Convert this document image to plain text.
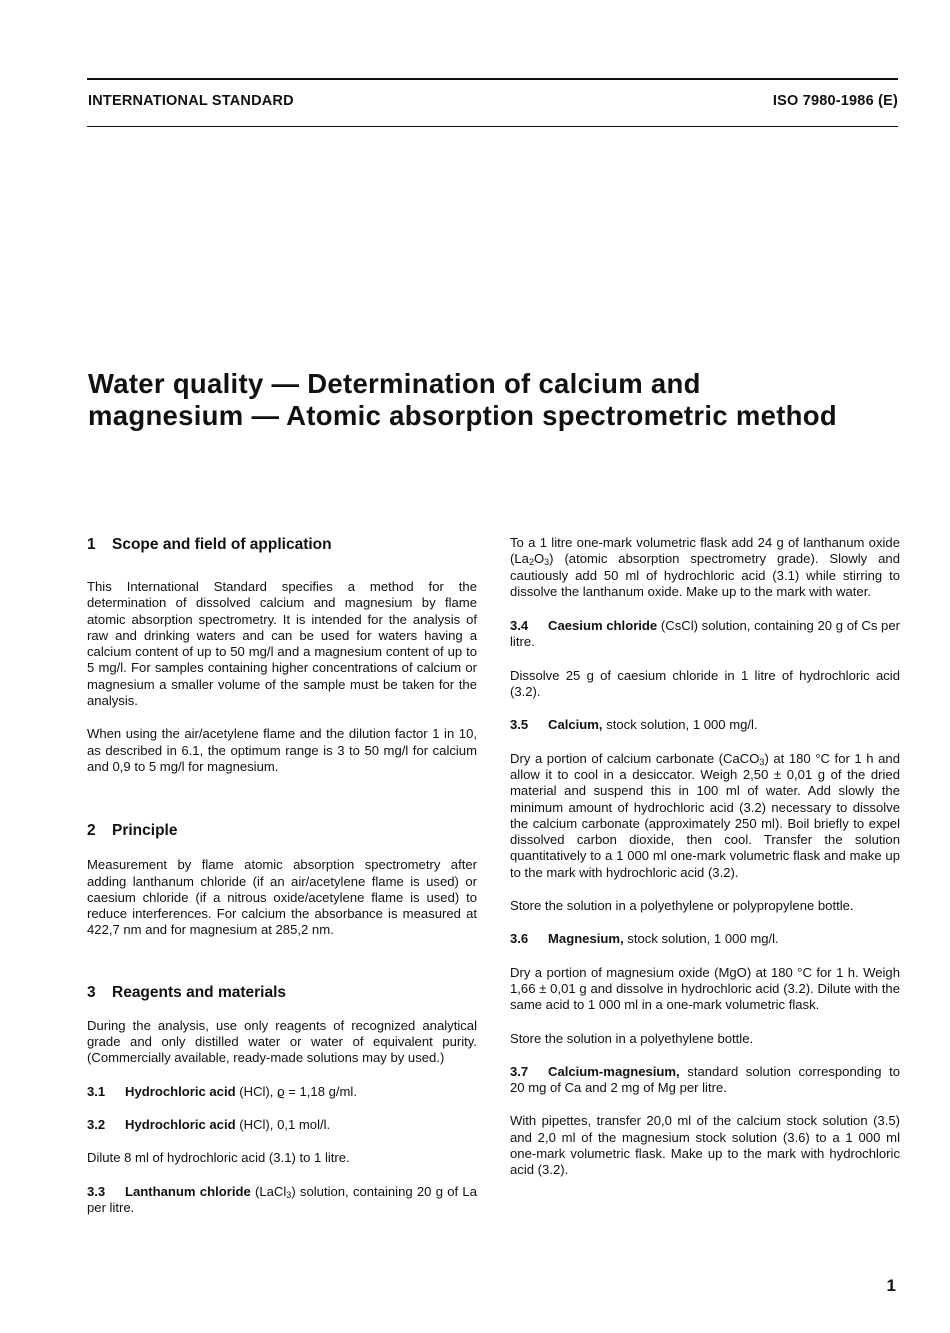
INTERNATIONAL STANDARD	ISO 7980-1986 (E)
Water quality — Determination of calcium and
magnesium — Atomic absorption spectrometric method
1 Scope and field of application

This International Standard specifies a method for the determination of dissolved calcium and magnesium by flame atomic absorption spectrometry. It is intended for the analysis of raw and drinking waters and can be used for waters having a calcium content of up to 50 mg/l and a magnesium content of up to 5 mg/l. For samples containing higher concentrations of calcium or magnesium a smaller volume of the sample must be taken for the analysis.

When using the air/acetylene flame and the dilution factor 1 in 10, as described in 6.1, the optimum range is 3 to 50 mg/l for calcium and 0,9 to 5 mg/l for magnesium.

2 Principle

Measurement by flame atomic absorption spectrometry after adding lanthanum chloride (if an air/acetylene flame is used) or caesium chloride (if a nitrous oxide/acetylene flame is used) to reduce interferences. For calcium the absorbance is measured at 422,7 nm and for magnesium at 285,2 nm.

3 Reagents and materials

During the analysis, use only reagents of recognized analytical grade and only distilled water or water of equivalent purity. (Commercially available, ready-made solutions may by used.)

3.1 Hydrochloric acid (HCl), ϱ = 1,18 g/ml.

3.2 Hydrochloric acid (HCl), 0,1 mol/l.

Dilute 8 ml of hydrochloric acid (3.1) to 1 litre.

3.3 Lanthanum chloride (LaCl$_3$) solution, containing 20 g of La per litre.

To a 1 litre one-mark volumetric flask add 24 g of lanthanum oxide $(La_2O_3)$ (atomic absorption spectrometry grade). Slowly and cautiously add 50 ml of hydrochloric acid (3.1) while stirring to dissolve the lanthanum oxide. Make up to the mark with water.

3.4 Caesium chloride (CsCl) solution, containing 20 g of Cs per litre.

Dissolve 25 g of caesium chloride in 1 litre of hydrochloric acid (3.2).

3.5 Calcium, stock solution, 1 000 mg/l.

Dry a portion of calcium carbonate (CaCO$_3$) at 180 °C for 1 h and allow it to cool in a desiccator. Weigh 2,50 ± 0,01 g of the dried material and suspend this in 100 ml of water. Add slowly the minimum amount of hydrochloric acid (3.2) necessary to dissolve the calcium carbonate (approximately 250 ml). Boil briefly to expel dissolved carbon dioxide, then cool. Transfer the solution quantitatively to a 1 000 ml one-mark volumetric flask and make up to the mark with hydrochloric acid (3.2).

Store the solution in a polyethylene or polypropylene bottle.

3.6 Magnesium, stock solution, 1 000 mg/l.

Dry a portion of magnesium oxide (MgO) at 180 °C for 1 h. Weigh 1,66 ± 0,01 g and dissolve in hydrochloric acid (3.2). Dilute with the same acid to 1 000 ml in a one-mark volumetric flask.

Store the solution in a polyethylene bottle.

3.7 Calcium-magnesium, standard solution corresponding to 20 mg of Ca and 2 mg of Mg per litre.

With pipettes, transfer 20,0 ml of the calcium stock solution (3.5) and 2,0 ml of the magnesium stock solution (3.6) to a 1 000 ml one-mark volumetric flask. Make up to the mark with hydrochloric acid (3.2).

1
